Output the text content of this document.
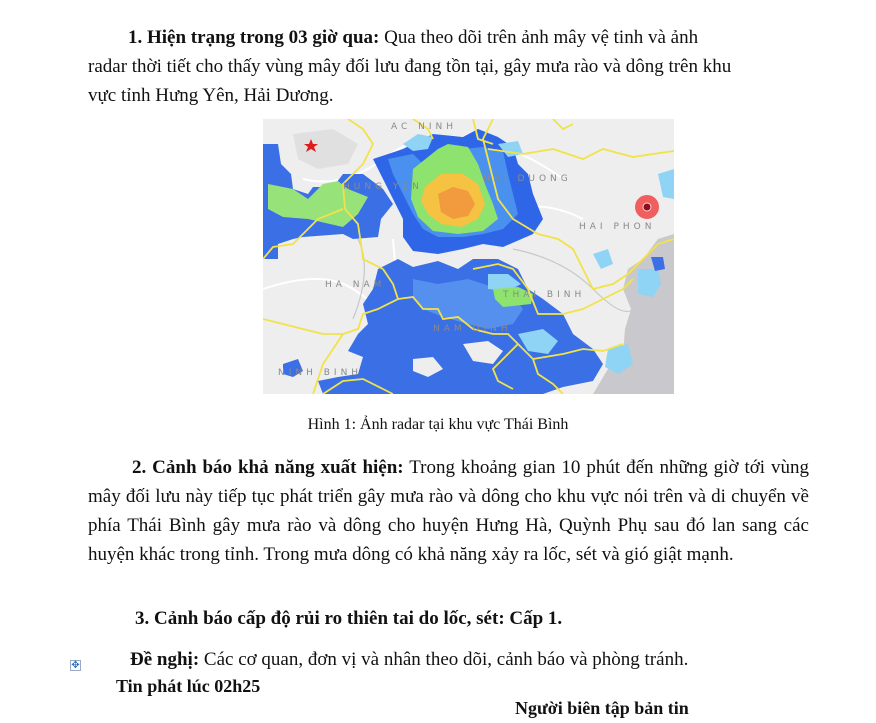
1. Hiện trạng trong 03 giờ qua: Qua theo dõi trên ảnh mây vệ tinh và ảnh
radar thời tiết cho thấy vùng mây đối lưu đang tồn tại, gây mưa rào và dông trên khu
vực tỉnh Hưng Yên, Hải Dương.
AC NINH
HUNG YEN
HAI DUONG
HAI PHON
HA NAM
THAI BINH
NAM DINH
NINH BINH
Hình 1: Ảnh radar tại khu vực Thái Bình
2. Cảnh báo khả năng xuất hiện: Trong khoảng gian 10 phút đến những giờ tới vùng mây đối lưu này tiếp tục phát triển gây mưa rào và dông cho khu vực nói trên và di chuyển về phía Thái Bình gây mưa rào và dông cho huyện Hưng Hà, Quỳnh Phụ sau đó lan sang các huyện khác trong tỉnh. Trong mưa dông có khả năng xảy ra lốc, sét và gió giật mạnh.
3. Cảnh báo cấp độ rủi ro thiên tai do lốc, sét: Cấp 1.
Đề nghị: Các cơ quan, đơn vị và nhân theo dõi, cảnh báo và phòng tránh.
✥
Tin phát lúc 02h25
Người biên tập bản tin
